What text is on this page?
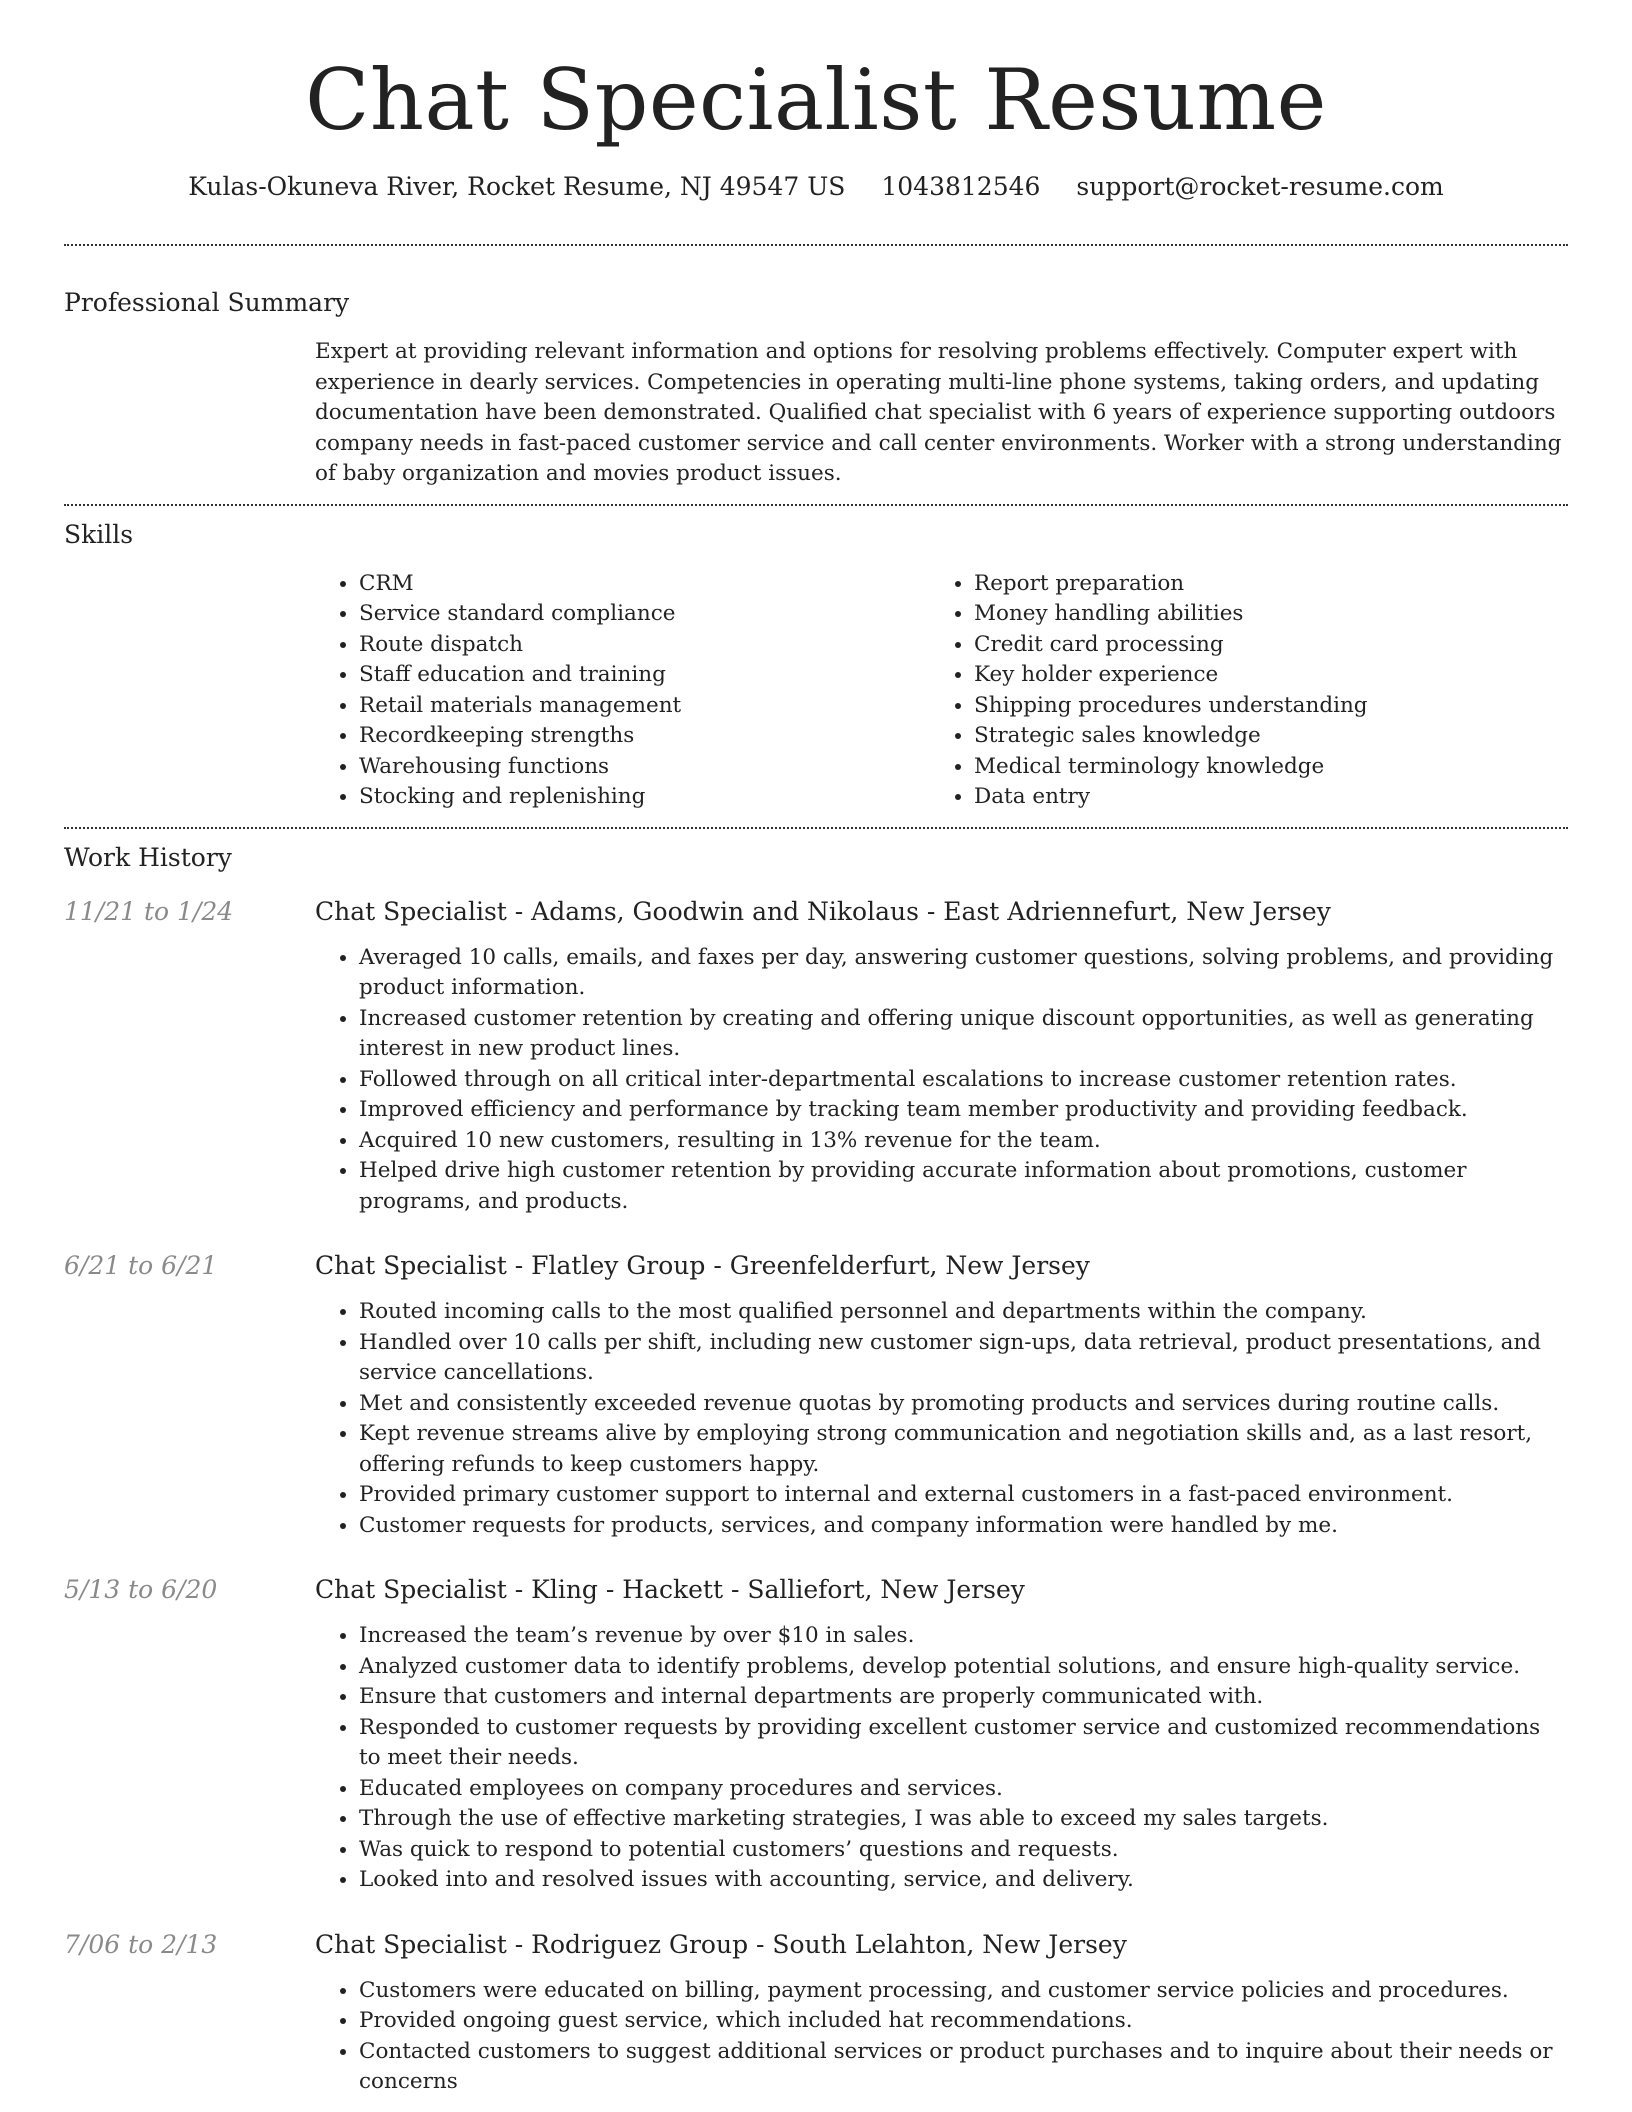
Chat Specialist Resume
Kulas-Okuneva River, Rocket Resume, NJ 49547 US 1043812546 support@rocket-resume.com
Professional Summary
Expert at providing relevant information and options for resolving problems effectively. Computer expert with experience in dearly services. Competencies in operating multi-line phone systems, taking orders, and updating documentation have been demonstrated. Qualified chat specialist with 6 years of experience supporting outdoors company needs in fast-paced customer service and call center environments. Worker with a strong understanding of baby organization and movies product issues.
Skills
• CRM
• Service standard compliance
• Route dispatch
• Staff education and training
• Retail materials management
• Recordkeeping strengths
• Warehousing functions
• Stocking and replenishing
• Report preparation
• Money handling abilities
• Credit card processing
• Key holder experience
• Shipping procedures understanding
• Strategic sales knowledge
• Medical terminology knowledge
• Data entry
Work History
11/21 to 1/24	Chat Specialist - Adams, Goodwin and Nikolaus - East Adriennefurt, New Jersey
• Averaged 10 calls, emails, and faxes per day, answering customer questions, solving problems, and providing product information.
• Increased customer retention by creating and offering unique discount opportunities, as well as generating interest in new product lines.
• Followed through on all critical inter-departmental escalations to increase customer retention rates.
• Improved efficiency and performance by tracking team member productivity and providing feedback.
• Acquired 10 new customers, resulting in 13% revenue for the team.
• Helped drive high customer retention by providing accurate information about promotions, customer programs, and products.
6/21 to 6/21	Chat Specialist - Flatley Group - Greenfelderfurt, New Jersey
• Routed incoming calls to the most qualified personnel and departments within the company.
• Handled over 10 calls per shift, including new customer sign-ups, data retrieval, product presentations, and service cancellations.
• Met and consistently exceeded revenue quotas by promoting products and services during routine calls.
• Kept revenue streams alive by employing strong communication and negotiation skills and, as a last resort, offering refunds to keep customers happy.
• Provided primary customer support to internal and external customers in a fast-paced environment.
• Customer requests for products, services, and company information were handled by me.
5/13 to 6/20	Chat Specialist - Kling - Hackett - Salliefort, New Jersey
• Increased the team’s revenue by over $10 in sales.
• Analyzed customer data to identify problems, develop potential solutions, and ensure high-quality service.
• Ensure that customers and internal departments are properly communicated with.
• Responded to customer requests by providing excellent customer service and customized recommendations to meet their needs.
• Educated employees on company procedures and services.
• Through the use of effective marketing strategies, I was able to exceed my sales targets.
• Was quick to respond to potential customers’ questions and requests.
• Looked into and resolved issues with accounting, service, and delivery.
7/06 to 2/13	Chat Specialist - Rodriguez Group - South Lelahton, New Jersey
• Customers were educated on billing, payment processing, and customer service policies and procedures.
• Provided ongoing guest service, which included hat recommendations.
• Contacted customers to suggest additional services or product purchases and to inquire about their needs or concerns
